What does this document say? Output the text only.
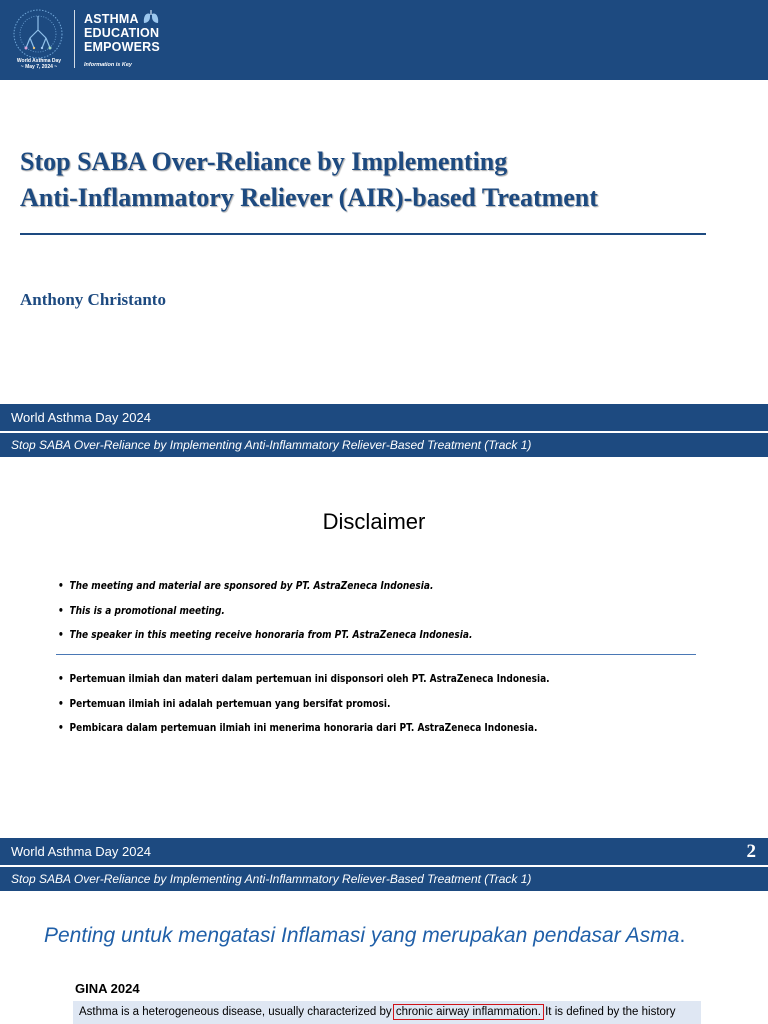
World Asthma Day
~ May 7, 2024 ~
ASTHMA
EDUCATION
EMPOWERS
Information is Key
Stop SABA Over-Reliance by Implementing
Anti-Inflammatory Reliever (AIR)-based Treatment
Anthony Christanto
World Asthma Day 2024
Stop SABA Over-Reliance by Implementing Anti-Inflammatory Reliever-Based Treatment (Track 1)
Disclaimer
• The meeting and material are sponsored by PT. AstraZeneca Indonesia.
• This is a promotional meeting.
• The speaker in this meeting receive honoraria from PT. AstraZeneca Indonesia.
• Pertemuan ilmiah dan materi dalam pertemuan ini disponsori oleh PT. AstraZeneca Indonesia.
• Pertemuan ilmiah ini adalah pertemuan yang bersifat promosi.
• Pembicara dalam pertemuan ilmiah ini menerima honoraria dari PT. AstraZeneca Indonesia.
World Asthma Day 2024	2
Stop SABA Over-Reliance by Implementing Anti-Inflammatory Reliever-Based Treatment (Track 1)
Penting untuk mengatasi Inflamasi yang merupakan pendasar Asma.
GINA 2024
Asthma is a heterogeneous disease, usually characterized by chronic airway inflammation. It is defined by the history
